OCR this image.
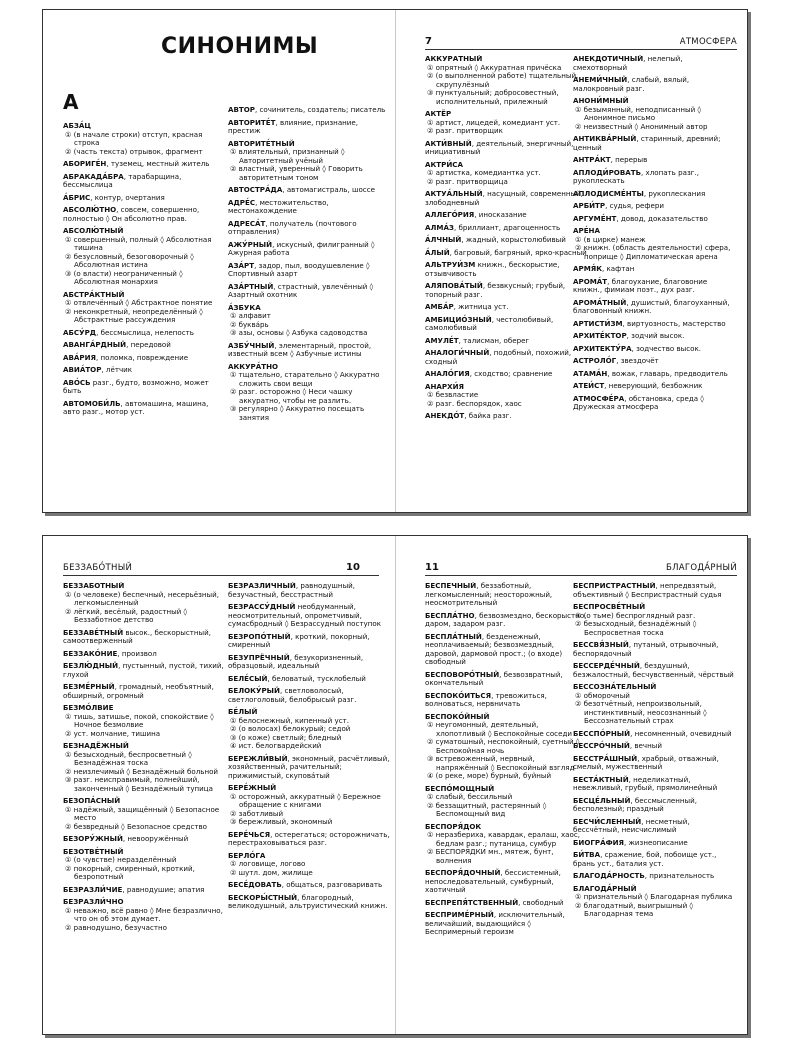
СИНОНИМЫ	7	АТМОСФЕРА
А
АБЗА́Ц
① (в начале строки) отступ, красная строка
② (часть текста) отрывок, фрагмент
АБОРИГЕ́Н, туземец, местный житель
АБРАКАДА́БРА, тарабарщина, бессмыслица
А́БРИС, контур, очертания
АБСОЛЮ́ТНО, совсем, совершенно, полностью ◊ Он абсолютно прав.
АБСОЛЮ́ТНЫЙ
① совершенный, полный ◊ Абсолютная тишина
② безусловный, безоговорочный ◊ Абсолютная истина
③ (о власти) неограниченный ◊ Абсолютная монархия
АБСТРА́КТНЫЙ
① отвлечённый ◊ Абстрактное понятие
② неконкретный, неопределённый ◊ Абстрактные рассуждения
АБСУ́РД, бессмыслица, нелепость
АВАНГА́РДНЫЙ, передовой
АВА́РИЯ, поломка, повреждение
АВИА́ТОР, лётчик
АВО́СЬ разг., будто, возможно, может быть
АВТОМОБИ́ЛЬ, автомашина, машина, авто разг., мотор уст.
А́ВТОР, сочинитель, создатель; писатель
АВТОРИТЕ́Т, влияние, признание, престиж
АВТОРИТЕ́ТНЫЙ
① влиятельный, признанный ◊ Авторитетный учёный
② властный, уверенный ◊ Говорить авторитетным тоном
АВТОСТРА́ДА, автомагистраль, шоссе
АДРЕ́С, местожительство, местонахождение
АДРЕСА́Т, получатель (почтового отправления)
АЖУ́РНЫЙ, искусный, филигранный ◊ Ажурная работа
АЗА́РТ, задор, пыл, воодушевление ◊ Спортивный азарт
АЗА́РТНЫЙ, страстный, увлечённый ◊ Азартный охотник
А́ЗБУКА
① алфавит
② буквáрь
③ азы, основы ◊ Азбука садоводства
АЗБУ́ЧНЫЙ, элементарный, простой, известный всем ◊ Азбучные истины
АККУРА́ТНО
① тщательно, старательно ◊ Аккуратно сложить свои вещи
② разг. осторожно ◊ Неси чашку аккуратно, чтобы не разлить.
③ регулярно ◊ Аккуратно посещать занятия
АККУРА́ТНЫЙ
① опрятный ◊ Аккуратная причёска
② (о выполненной работе) тщательный, скрупулёзный
③ пунктуальный; добросовестный, исполнительный, прилежный
АКТЁР
① артист, лицедей, комедиант уст.
② разг. притворщик
АКТИ́ВНЫЙ, деятельный, энергичный, инициативный
АКТРИ́СА
① артистка, комедиантка уст.
② разг. притворщица
АКТУА́ЛЬНЫЙ, насущный, современный, злободневный
АЛЛЕГО́РИЯ, иносказание
АЛМА́З, бриллиант, драгоценность
А́ЛЧНЫЙ, жадный, корыстолюбивый
А́ЛЫЙ, багровый, багряный, ярко-красный
АЛЬТРУИ́ЗМ книжн., бескорыстие, отзывчивость
АЛЯПОВА́ТЫЙ, безвкусный; грубый, топорный разг.
АМБА́Р, житница уст.
АМБИЦИО́ЗНЫЙ, честолюбивый, самолюбивый
АМУЛЕ́Т, талисман, оберег
АНАЛОГИ́ЧНЫЙ, подобный, похожий, сходный
АНАЛО́ГИЯ, сходство; сравнение
АНАРХИ́Я
① безвластие
② разг. беспорядок, хаос
АНЕКДО́Т, байка разг.
АНЕКДОТИ́ЧНЫЙ, нелепый, смехотворный
АНЕМИ́ЧНЫЙ, слабый, вялый, малокровный разг.
АНОНИ́МНЫЙ
① безымянный, неподписанный ◊ Анонимное письмо
② неизвестный ◊ Анонимный автор
АНТИКВА́РНЫЙ, старинный, древний; ценный
АНТРА́КТ, перерыв
АПЛОДИ́РОВАТЬ, хлопать разг., рукоплескать
АПЛОДИСМЕ́НТЫ, рукоплескания
АРБИ́ТР, судья, рефери
АРГУМЕ́НТ, довод, доказательство
АРЕ́НА
① (в цирке) манеж
② книжн. (область деятельности) сфера, поприще ◊ Дипломатическая арена
АРМЯ́К, кафтан
АРОМА́Т, благоухание, благовоние книжн., фимиам поэт., дух разг.
АРОМА́ТНЫЙ, душистый, благоуханный, благовонный книжн.
АРТИСТИ́ЗМ, виртуозность, мастерство
АРХИТЕ́КТОР, зодчий высок.
АРХИТЕКТУ́РА, зодчество высок.
АСТРОЛО́Г, звездочёт
АТАМА́Н, вожак, главарь, предводитель
АТЕИ́СТ, неверующий, безбожник
АТМОСФЕ́РА, обстановка, среда ◊ Дружеская атмосфера
БЕЗЗАБО́ТНЫЙ	10	11	БЛАГОДА́РНЫЙ
БЕЗЗАБО́ТНЫЙ
① (о человеке) беспечный, несерьёзный, легкомысленный
② лёгкий, весёлый, радостный ◊ Беззаботное детство
БЕЗЗАВЕ́ТНЫЙ высок., бескорыстный, самоотверженный
БЕЗЗАКО́НИЕ, произвол
БЕЗЛЮ́ДНЫЙ, пустынный, пустой, тихий, глухой
БЕЗМЕ́РНЫЙ, громадный, необъятный, обширный, огромный
БЕЗМО́ЛВИЕ
① тишь, затишье, покой, спокойствие ◊ Ночное безмолвие
② уст. молчание, тишина
БЕЗНАДЁЖНЫЙ
① безысходный, беспросветный ◊ Безнадёжная тоска
② неизлечимый ◊ Безнадёжный больной
③ разг. неисправимый, полнейший, законченный ◊ Безнадёжный тупица
БЕЗОПА́СНЫЙ
① надёжный, защищённый ◊ Безопасное место
② безвредный ◊ Безопасное средство
БЕЗОРУ́ЖНЫЙ, невооружённый
БЕЗОТВЕ́ТНЫЙ
① (о чувстве) неразделённый
② покорный, смиренный, кроткий, безропотный
БЕЗРАЗЛИ́ЧИЕ, равнодушие; апатия
БЕЗРАЗЛИ́ЧНО
① неважно, всё равно ◊ Мне безразлично, что он об этом думает.
② равнодушно, безучастно
БЕЗРАЗЛИ́ЧНЫЙ, равнодушный, безучастный, бесстрастный
БЕЗРАССУ́ДНЫЙ необдуманный, неосмотрительный, опрометчивый, сумасбродный ◊ Безрассудный поступок
БЕЗРОПО́ТНЫЙ, кроткий, покорный, смиренный
БЕЗУПРЁЧНЫЙ, безукоризненный, образцовый, идеальный
БЕЛЕ́СЫЙ, беловатый, тусклобелый
БЕЛОКУ́РЫЙ, светловолосый, светлоголовый, белобрысый разг.
БЕ́ЛЫЙ
① белоснежный, кипенный уст.
② (о волосах) белокурый; седой
③ (о коже) светлый; бледный
④ ист. белогвардейский
БЕРЕЖЛИ́ВЫЙ, экономный, расчётливый, хозяйственный, рачительный; прижимистый, скупова́тый
БЕРЕ́ЖНЫЙ
① осторожный, аккуратный ◊ Бережное обращение с книгами
② заботливый
③ бережливый, экономный
БЕРЕ́ЧЬСЯ, остерегаться; осторожничать, перестраховываться разг.
БЕРЛО́ГА
① логовище, логово
② шутл. дом, жилище
БЕСЕ́ДОВАТЬ, общаться, разговаривать
БЕСКОРЫ́СТНЫЙ, благородный, великодушный, альтруистический книжн.
БЕСПЕ́ЧНЫЙ, беззаботный, легкомысленный; неосторожный, неосмотрительный
БЕСПЛА́ТНО, безвозмездно, бескорыстно, даром, задаром разг.
БЕСПЛА́ТНЫЙ, безденежный, неоплачиваемый; безвозмездный, даровой, дармовой прост.; (о входе) свободный
БЕСПОВОРО́ТНЫЙ, безвозвратный, окончательный
БЕСПОКО́ИТЬСЯ, тревожиться, волноваться, нервничать
БЕСПОКО́ЙНЫЙ
① неугомонный, деятельный, хлопотливый ◊ Беспокойные соседи
② суматошный, неспокойный, суетный ◊ Беспокойная ночь
③ встревоженный, нервный, напряжённый ◊ Беспокойный взгляд
④ (о реке, море) бурный, буйный
БЕСПО́МОЩНЫЙ
① слабый, бессильный
② беззащитный, растерянный ◊ Беспомощный вид
БЕСПОРЯ́ДОК
① неразбериха, кавардак, ералаш, хаос, бедлам разг.; путаница, сумбур
② БЕСПОРЯ́ДКИ мн., мятеж, бунт, волнения
БЕСПОРЯ́ДОЧНЫЙ, бессистемный, непоследовательный, сумбурный, хаотичный
БЕСПРЕПЯ́ТСТВЕННЫЙ, свободный
БЕСПРИМЕ́РНЫЙ, исключительный, величайший, выдающийся ◊ Беспримерный героизм
БЕСПРИСТРА́СТНЫЙ, непредвзятый, объективный ◊ Беспристрастный судья
БЕСПРОСВЕ́ТНЫЙ
① (о тьме) беспроглядный разг.
② безысходный, безнадёжный ◊ Беспросветная тоска
БЕССВЯ́ЗНЫЙ, путаный, отрывочный, беспорядочный
БЕССЕРДЕ́ЧНЫЙ, бездушный, безжалостный, бесчувственный, чёрствый
БЕССОЗНА́ТЕЛЬНЫЙ
① обморочный
② безотчётный, непроизвольный, инстинктивный, неосознанный ◊ Бессознательный страх
БЕССПО́РНЫЙ, несомненный, очевидный
БЕССРО́ЧНЫЙ, вечный
БЕССТРА́ШНЫЙ, храбрый, отважный, смелый, мужественный
БЕСТА́КТНЫЙ, неделикатный, невежливый, грубый, прямолинейный
БЕСЦЕ́ЛЬНЫЙ, бессмысленный, бесполезный; праздный
БЕСЧИ́СЛЕННЫЙ, несметный, бессчётный, неисчислимый
БИОГРА́ФИЯ, жизнеописание
БИ́ТВА, сражение, бой, побоище уст., брань уст., баталия уст.
БЛАГОДА́РНОСТЬ, признательность
БЛАГОДА́РНЫЙ
① признательный ◊ Благодарная публика
② благодатный, выигрышный ◊ Благодарная тема
